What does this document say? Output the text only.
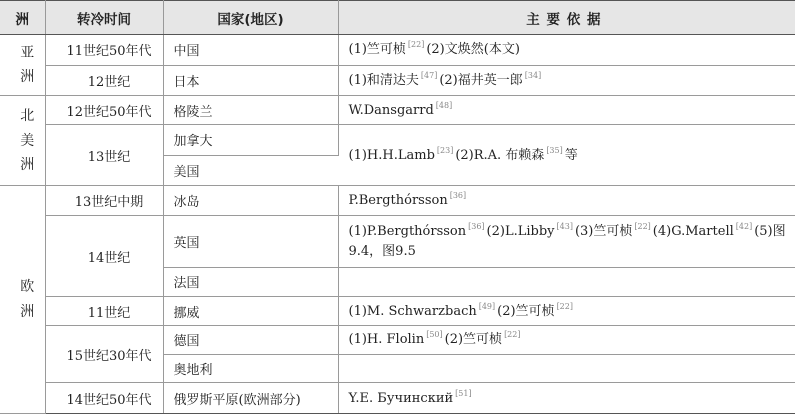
洲	转冷时间	国家(地区)	主要依据

亚
洲	11世纪50年代	中国	(1)竺可桢 [22] (2)文焕然(本文)
	12世纪	日本	(1)和清达夫 [47] (2)福井英一郎 [34]

北
美
洲	12世纪50年代	格陵兰	W.Dansgarrd [48]
	13世纪	加拿大	(1)H.H.Lamb [23] (2)R.A. 布赖森 [35] 等
		美国	

欧
洲	13世纪中期	冰岛	P.Bergthórsson [36]
	14世纪	英国	(1)P.Bergthórsson [36] (2)L.Libby [43] (3)竺可桢 [22] (4)G.Martell [42] (5)图9.4，图9.5
		法国	
	11世纪	挪威	(1)M. Schwarzbach [49] (2)竺可桢 [22]
	15世纪30年代	德国	(1)H. Flolin [50] (2)竺可桢 [22]
		奥地利	
	14世纪50年代	俄罗斯平原(欧洲部分)	Y.E. Бучинский [51]
